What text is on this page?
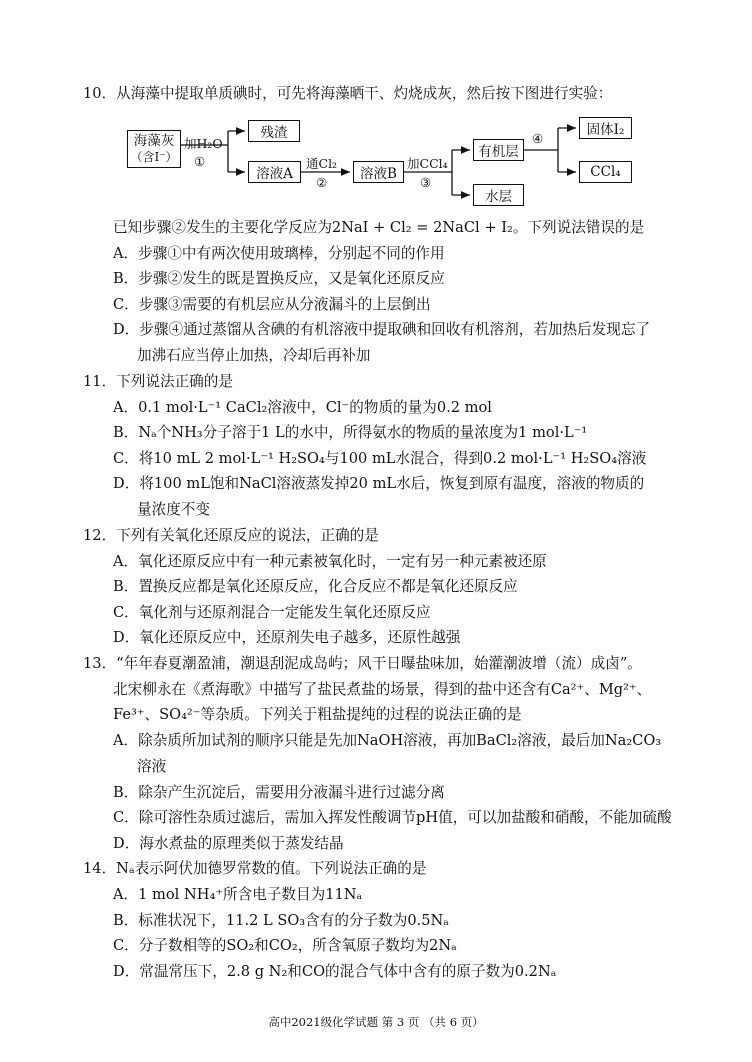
10．从海藻中提取单质碘时，可先将海藻晒干、灼烧成灰，然后按下图进行实验：
海藻灰
（含I⁻）
加H₂O
①
残渣
溶液A
通Cl₂
②
溶液B
加CCl₄
③
有机层
水层
④
固体I₂
CCl₄
已知步骤②发生的主要化学反应为2NaI + Cl₂ = 2NaCl + I₂。下列说法错误的是
A．步骤①中有两次使用玻璃棒，分别起不同的作用
B．步骤②发生的既是置换反应，又是氧化还原反应
C．步骤③需要的有机层应从分液漏斗的上层倒出
D．步骤④通过蒸馏从含碘的有机溶液中提取碘和回收有机溶剂，若加热后发现忘了
加沸石应当停止加热，冷却后再补加
11．下列说法正确的是
A．0.1 mol·L⁻¹ CaCl₂溶液中，Cl⁻的物质的量为0.2 mol
B．Nₐ个NH₃分子溶于1 L的水中，所得氨水的物质的量浓度为1 mol·L⁻¹
C．将10 mL 2 mol·L⁻¹ H₂SO₄与100 mL水混合，得到0.2 mol·L⁻¹ H₂SO₄溶液
D．将100 mL饱和NaCl溶液蒸发掉20 mL水后，恢复到原有温度，溶液的物质的
量浓度不变
12．下列有关氧化还原反应的说法，正确的是
A．氧化还原反应中有一种元素被氧化时，一定有另一种元素被还原
B．置换反应都是氧化还原反应，化合反应不都是氧化还原反应
C．氧化剂与还原剂混合一定能发生氧化还原反应
D．氧化还原反应中，还原剂失电子越多，还原性越强
13．“年年春夏潮盈浦，潮退刮泥成岛屿；风干日曝盐味加，始灌潮波增（流）成卤”。
北宋柳永在《煮海歌》中描写了盐民煮盐的场景，得到的盐中还含有Ca²⁺、Mg²⁺、
Fe³⁺、SO₄²⁻等杂质。下列关于粗盐提纯的过程的说法正确的是
A．除杂质所加试剂的顺序只能是先加NaOH溶液，再加BaCl₂溶液，最后加Na₂CO₃
溶液
B．除杂产生沉淀后，需要用分液漏斗进行过滤分离
C．除可溶性杂质过滤后，需加入挥发性酸调节pH值，可以加盐酸和硝酸，不能加硫酸
D．海水煮盐的原理类似于蒸发结晶
14．Nₐ表示阿伏加德罗常数的值。下列说法正确的是
A．1 mol NH₄⁺所含电子数目为11Nₐ
B．标准状况下，11.2 L SO₃含有的分子数为0.5Nₐ
C．分子数相等的SO₂和CO₂，所含氧原子数均为2Nₐ
D．常温常压下，2.8 g N₂和CO的混合气体中含有的原子数为0.2Nₐ
高中2021级化学试题 第 3 页 （共 6 页）
